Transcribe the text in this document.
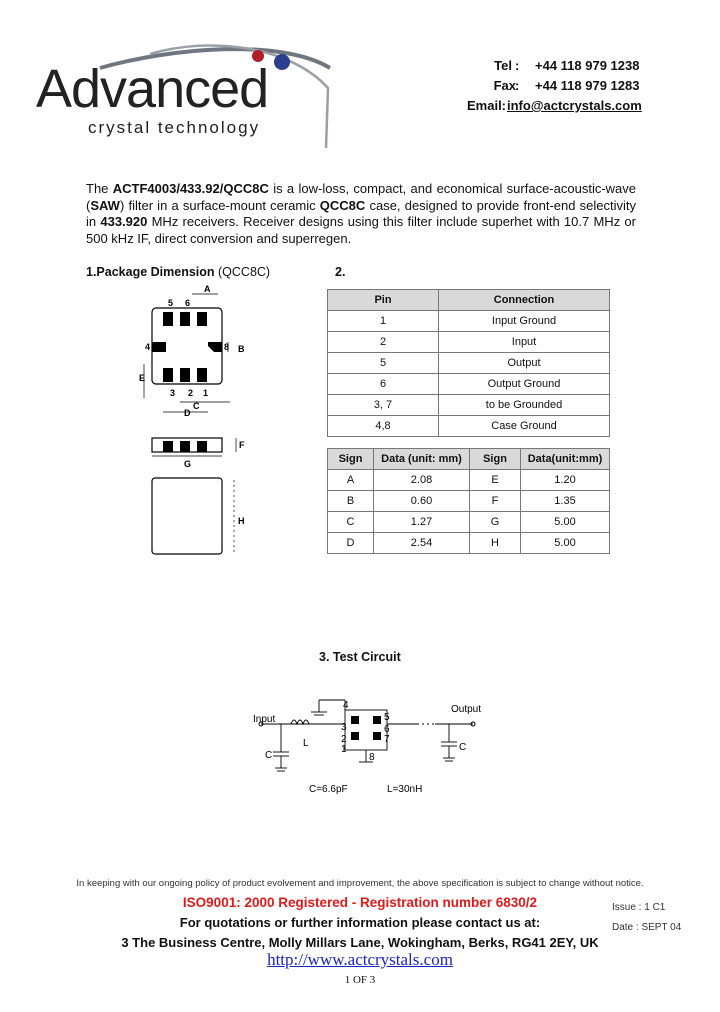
Advanced
crystal technology
Tel : +44 118 979 1238
Fax : +44 118 979 1283
Email: info@actcrystals.com
The ACTF4003/433.92/QCC8C is a low-loss, compact, and economical surface-acoustic-wave (SAW) filter in a surface-mount ceramic QCC8C case, designed to provide front-end selectivity in 433.920 MHz receivers. Receiver designs using this filter include superhet with 10.7 MHz or 500 kHz IF, direct conversion and superregen.
1.Package Dimension (QCC8C)	2.
3. Test Circuit
5 6
4	8
3 2 1
A
B
C
D
E
F
G
H
Pin	Connection
1	Input Ground
2	Input
5	Output
6	Output Ground
3, 7	to be Grounded
4,8	Case Ground
Sign	Data (unit: mm)	Sign	Data(unit:mm)
A	2.08	E	1.20
B	0.60	F	1.35
C	1.27	G	5.00
D	2.54	H	5.00
Input
Output
L
C
C
4
5
3	6
2	7
1
8
C=6.6pF	L=30nH
In keeping with our ongoing policy of product evolvement and improvement, the above specification is subject to change without notice.
ISO9001: 2000 Registered - Registration number 6830/2
For quotations or further information please contact us at:
3 The Business Centre, Molly Millars Lane, Wokingham, Berks, RG41 2EY, UK
http://www.actcrystals.com
1 OF 3
Issue : 1 C1
Date : SEPT 04
